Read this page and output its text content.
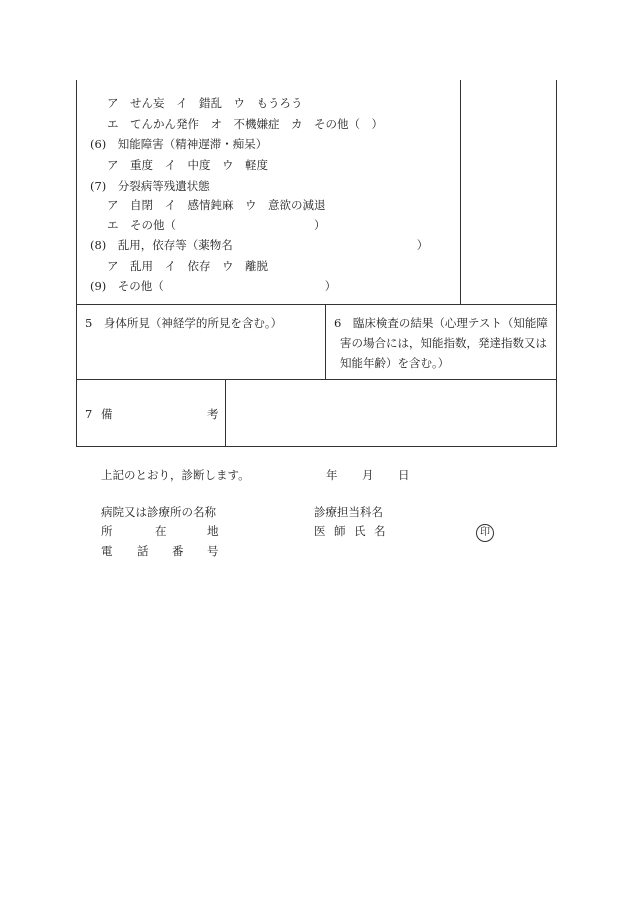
ア　せん妄　イ　錯乱　ウ　もうろう
エ　てんかん発作　オ　不機嫌症　カ　その他（　）
(6)　知能障害（精神遅滞・痴呆）
ア　重度　イ　中度　ウ　軽度
(7)　分裂病等残遺状態
ア　自閉　イ　感情鈍麻　ウ　意欲の減退
エ　その他（　　　　　　　　　　　　）
(8)　乱用，依存等（薬物名　　　　　　　　　　　　　　　　）
ア　乱用　イ　依存　ウ　離脱
(9)　その他（　　　　　　　　　　　　　　）
5　身体所見（神経学的所見を含む。）	6　臨床検査の結果（心理テスト（知能障
害の場合には，知能指数，発達指数又は
知能年齢）を含む。）
7 備	考
上記のとおり，診断します。	年 月 日
病院又は診療所の名称	診療担当科名
所	在	地	医 師 氏 名	印
電 話 番 号
